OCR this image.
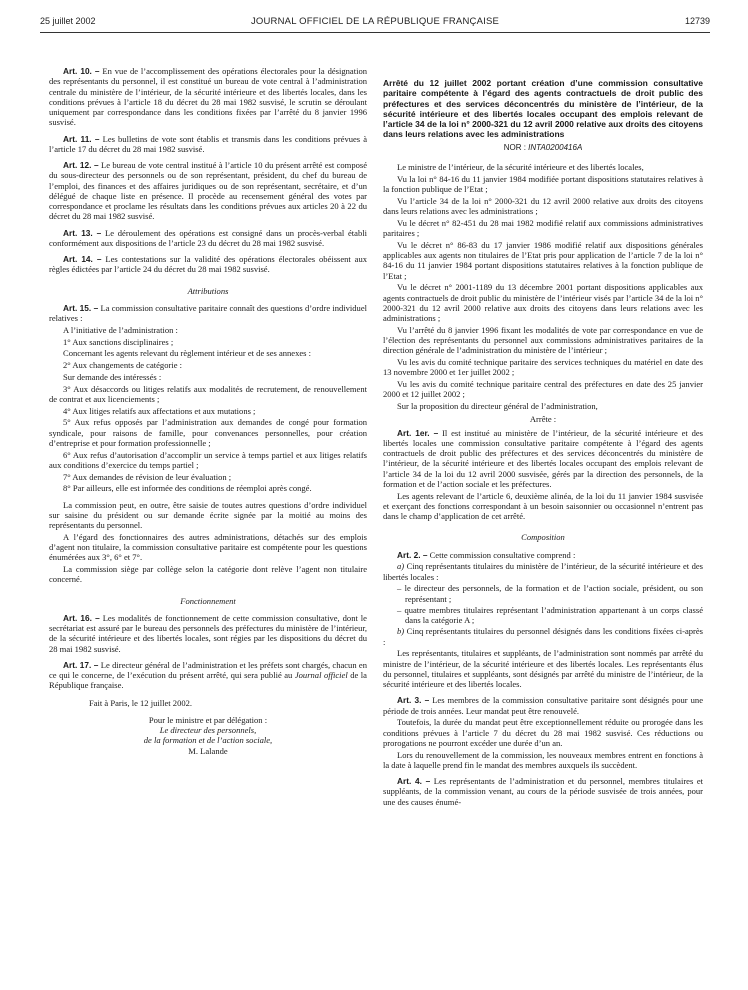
25 juillet 2002	JOURNAL OFFICIEL DE LA RÉPUBLIQUE FRANÇAISE	12739

Art. 10. – En vue de l’accomplissement des opérations électorales pour la désignation des représentants du personnel, il est constitué un bureau de vote central à l’administration centrale du ministère de l’intérieur, de la sécurité intérieure et des libertés locales, dans les conditions prévues à l’article 18 du décret du 28 mai 1982 susvisé, le scrutin se déroulant uniquement par correspondance dans les conditions fixées par l’arrêté du 8 janvier 1996 susvisé.

Art. 11. – Les bulletins de vote sont établis et transmis dans les conditions prévues à l’article 17 du décret du 28 mai 1982 susvisé.

Art. 12. – Le bureau de vote central institué à l’article 10 du présent arrêté est composé du sous-directeur des personnels ou de son représentant, président, du chef du bureau de l’emploi, des finances et des affaires juridiques ou de son représentant, secrétaire, et d’un délégué de chaque liste en présence. Il procède au recensement général des votes par correspondance et proclame les résultats dans les conditions prévues aux articles 20 à 22 du décret du 28 mai 1982 susvisé.

Art. 13. – Le déroulement des opérations est consigné dans un procès-verbal établi conformément aux dispositions de l’article 23 du décret du 28 mai 1982 susvisé.

Art. 14. – Les contestations sur la validité des opérations électorales obéissent aux règles édictées par l’article 24 du décret du 28 mai 1982 susvisé.

Attributions

Art. 15. – La commission consultative paritaire connaît des questions d’ordre individuel relatives :

A l’initiative de l’administration :

1° Aux sanctions disciplinaires ;

Concernant les agents relevant du règlement intérieur et de ses annexes :

2° Aux changements de catégorie :

Sur demande des intéressés :

3° Aux désaccords ou litiges relatifs aux modalités de recrutement, de renouvellement de contrat et aux licenciements ;

4° Aux litiges relatifs aux affectations et aux mutations ;

5° Aux refus opposés par l’administration aux demandes de congé pour formation syndicale, pour raisons de famille, pour convenances personnelles, pour création d’entreprise et pour formation professionnelle ;

6° Aux refus d’autorisation d’accomplir un service à temps partiel et aux litiges relatifs aux conditions d’exercice du temps partiel ;

7° Aux demandes de révision de leur évaluation ;

8° Par ailleurs, elle est informée des conditions de réemploi après congé.

La commission peut, en outre, être saisie de toutes autres questions d’ordre individuel sur saisine du président ou sur demande écrite signée par la moitié au moins des représentants du personnel.

A l’égard des fonctionnaires des autres administrations, détachés sur des emplois d’agent non titulaire, la commission consultative paritaire est compétente pour les questions énumérées aux 3°, 6° et 7°.

La commission siège par collège selon la catégorie dont relève l’agent non titulaire concerné.

Fonctionnement

Art. 16. – Les modalités de fonctionnement de cette commission consultative, dont le secrétariat est assuré par le bureau des personnels des préfectures du ministère de l’intérieur, de la sécurité intérieure et des libertés locales, sont régies par les dispositions du décret du 28 mai 1982 susvisé.

Art. 17. – Le directeur général de l’administration et les préfets sont chargés, chacun en ce qui le concerne, de l’exécution du présent arrêté, qui sera publié au Journal officiel de la République française.

Fait à Paris, le 12 juillet 2002.

Pour le ministre et par délégation :

Le directeur des personnels,

de la formation et de l’action sociale,

M. Lalande

Arrêté du 12 juillet 2002 portant création d’une commission consultative paritaire compétente à l’égard des agents contractuels de droit public des préfectures et des services déconcentrés du ministère de l’intérieur, de la sécurité intérieure et des libertés locales occupant des emplois relevant de l’article 34 de la loi n° 2000-321 du 12 avril 2000 relative aux droits des citoyens dans leurs relations avec les administrations

NOR : INTA0200416A

Le ministre de l’intérieur, de la sécurité intérieure et des libertés locales,

Vu la loi n° 84-16 du 11 janvier 1984 modifiée portant dispositions statutaires relatives à la fonction publique de l’Etat ;

Vu l’article 34 de la loi n° 2000-321 du 12 avril 2000 relative aux droits des citoyens dans leurs relations avec les administrations ;

Vu le décret n° 82-451 du 28 mai 1982 modifié relatif aux commissions administratives paritaires ;

Vu le décret n° 86-83 du 17 janvier 1986 modifié relatif aux dispositions générales applicables aux agents non titulaires de l’Etat pris pour application de l’article 7 de la loi n° 84-16 du 11 janvier 1984 portant dispositions statutaires relatives à la fonction publique de l’Etat ;

Vu le décret n° 2001-1189 du 13 décembre 2001 portant dispositions applicables aux agents contractuels de droit public du ministère de l’intérieur visés par l’article 34 de la loi n° 2000-321 du 12 avril 2000 relative aux droits des citoyens dans leurs relations avec les administrations ;

Vu l’arrêté du 8 janvier 1996 fixant les modalités de vote par correspondance en vue de l’élection des représentants du personnel aux commissions administratives paritaires de la direction générale de l’administration du ministère de l’intérieur ;

Vu les avis du comité technique paritaire des services techniques du matériel en date des 13 novembre 2000 et 1er juillet 2002 ;

Vu les avis du comité technique paritaire central des préfectures en date des 25 janvier 2000 et 12 juillet 2002 ;

Sur la proposition du directeur général de l’administration,

Arrête :

Art. 1er. – Il est institué au ministère de l’intérieur, de la sécurité intérieure et des libertés locales une commission consultative paritaire compétente à l’égard des agents contractuels de droit public des préfectures et des services déconcentrés du ministère de l’intérieur, de la sécurité intérieure et des libertés locales occupant des emplois relevant de l’article 34 de la loi du 12 avril 2000 susvisée, gérés par la direction des personnels, de la formation et de l’action sociale et les préfectures.

Les agents relevant de l’article 6, deuxième alinéa, de la loi du 11 janvier 1984 susvisée et exerçant des fonctions correspondant à un besoin saisonnier ou occasionnel n’entrent pas dans le champ d’application de cet arrêté.

Composition

Art. 2. – Cette commission consultative comprend :

a) Cinq représentants titulaires du ministère de l’intérieur, de la sécurité intérieure et des libertés locales :

– le directeur des personnels, de la formation et de l’action sociale, président, ou son représentant ;

– quatre membres titulaires représentant l’administration appartenant à un corps classé dans la catégorie A ;

b) Cinq représentants titulaires du personnel désignés dans les conditions fixées ci-après :

Les représentants, titulaires et suppléants, de l’administration sont nommés par arrêté du ministre de l’intérieur, de la sécurité intérieure et des libertés locales. Les représentants élus du personnel, titulaires et suppléants, sont désignés par arrêté du ministre de l’intérieur, de la sécurité intérieure et des libertés locales.

Art. 3. – Les membres de la commission consultative paritaire sont désignés pour une période de trois années. Leur mandat peut être renouvelé.

Toutefois, la durée du mandat peut être exceptionnellement réduite ou prorogée dans les conditions prévues à l’article 7 du décret du 28 mai 1982 susvisé. Ces réductions ou prorogations ne pourront excéder une durée d’un an.

Lors du renouvellement de la commission, les nouveaux membres entrent en fonctions à la date à laquelle prend fin le mandat des membres auxquels ils succèdent.

Art. 4. – Les représentants de l’administration et du personnel, membres titulaires et suppléants, de la commission venant, au cours de la période susvisée de trois années, pour une des causes énumé-
